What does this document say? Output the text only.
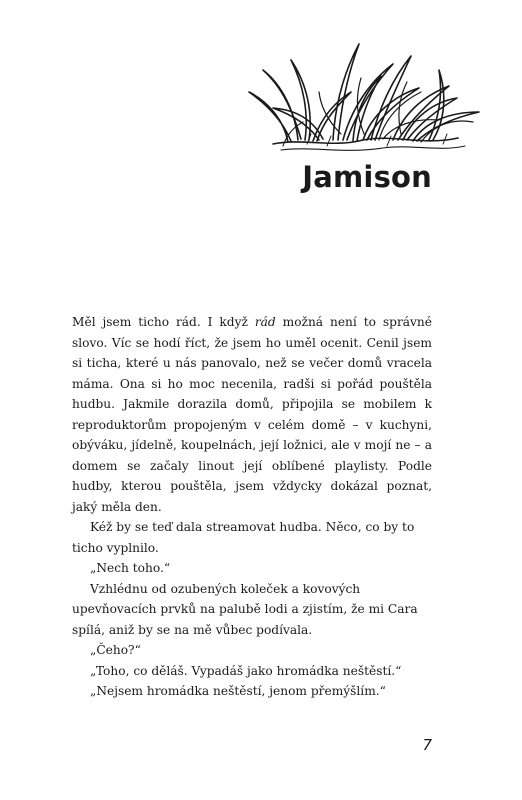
Jamison

Měl jsem ticho rád. I když rád možná není to správné slovo. Víc se hodí říct, že jsem ho uměl ocenit. Cenil jsem si ticha, které u nás panovalo, než se večer domů vracela máma. Ona si ho moc necenila, radši si pořád pouštěla hudbu. Jakmile dorazila domů, připojila se mobilem k reproduktorům propojeným v celém domě – v kuchyni, obýváku, jídelně, koupelnách, její ložnici, ale v mojí ne – a domem se začaly linout její oblíbené playlisty. Podle hudby, kterou pouštěla, jsem vždycky dokázal poznat, jaký měla den.

Kéž by se teď dala streamovat hudba. Něco, co by to ticho vyplnilo.

„Nech toho.“

Vzhlédnu od ozubených koleček a kovových upevňovacích prvků na palubě lodi a zjistím, že mi Cara spílá, aniž by se na mě vůbec podívala.

„Čeho?“

„Toho, co děláš. Vypadáš jako hromádka neštěstí.“

„Nejsem hromádka neštěstí, jenom přemýšlím.“

7
